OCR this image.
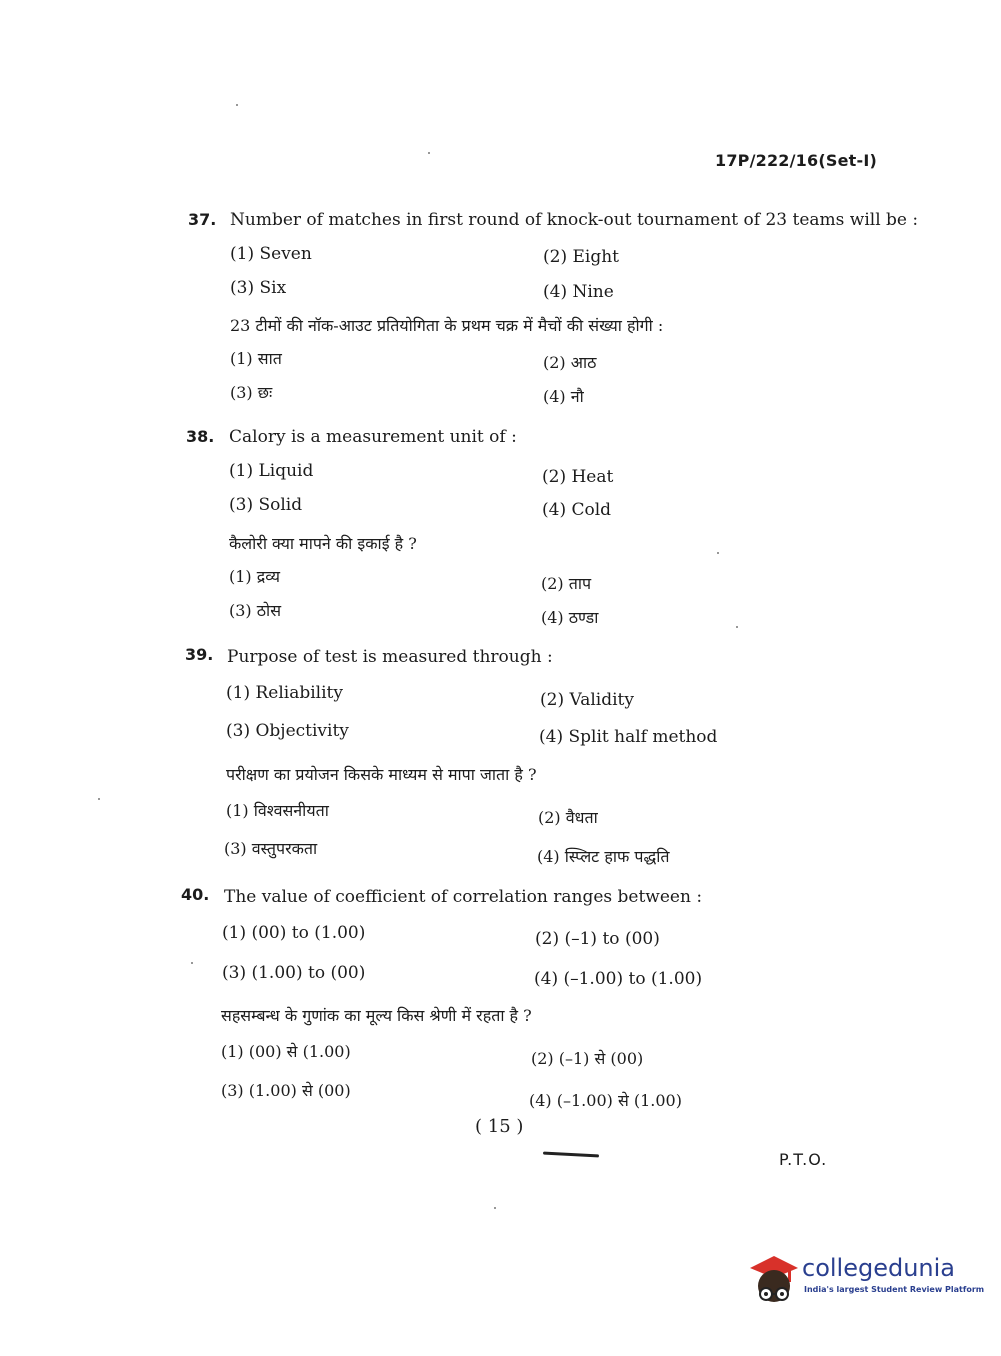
17P/222/16(Set-I)
37. Number of matches in first round of knock-out tournament of 23 teams will be :
(1) Seven	(2) Eight
(3) Six	(4) Nine
23 टीमों की नॉक-आउट प्रतियोगिता के प्रथम चक्र में मैचों की संख्या होगी :
(1) सात	(2) आठ
(3) छः	(4) नौ
38. Calory is a measurement unit of :
(1) Liquid	(2) Heat
(3) Solid	(4) Cold
कैलोरी क्या मापने की इकाई है ?
(1) द्रव्य	(2) ताप
(3) ठोस	(4) ठण्डा
39. Purpose of test is measured through :
(1) Reliability	(2) Validity
(3) Objectivity	(4) Split half method
परीक्षण का प्रयोजन किसके माध्यम से मापा जाता है ?
(1) विश्वसनीयता	(2) वैधता
(3) वस्तुपरकता	(4) स्प्लिट हाफ पद्धति
40. The value of coefficient of correlation ranges between :
(1) (00) to (1.00)	(2) (–1) to (00)
(3) (1.00) to (00)	(4) (–1.00) to (1.00)
सहसम्बन्ध के गुणांक का मूल्य किस श्रेणी में रहता है ?
(1) (00) से (1.00)	(2) (–1) से (00)
(3) (1.00) से (00)
(4) (–1.00) से (1.00)
( 15 )
P.T.O.
collegedunia
India's largest Student Review Platform
